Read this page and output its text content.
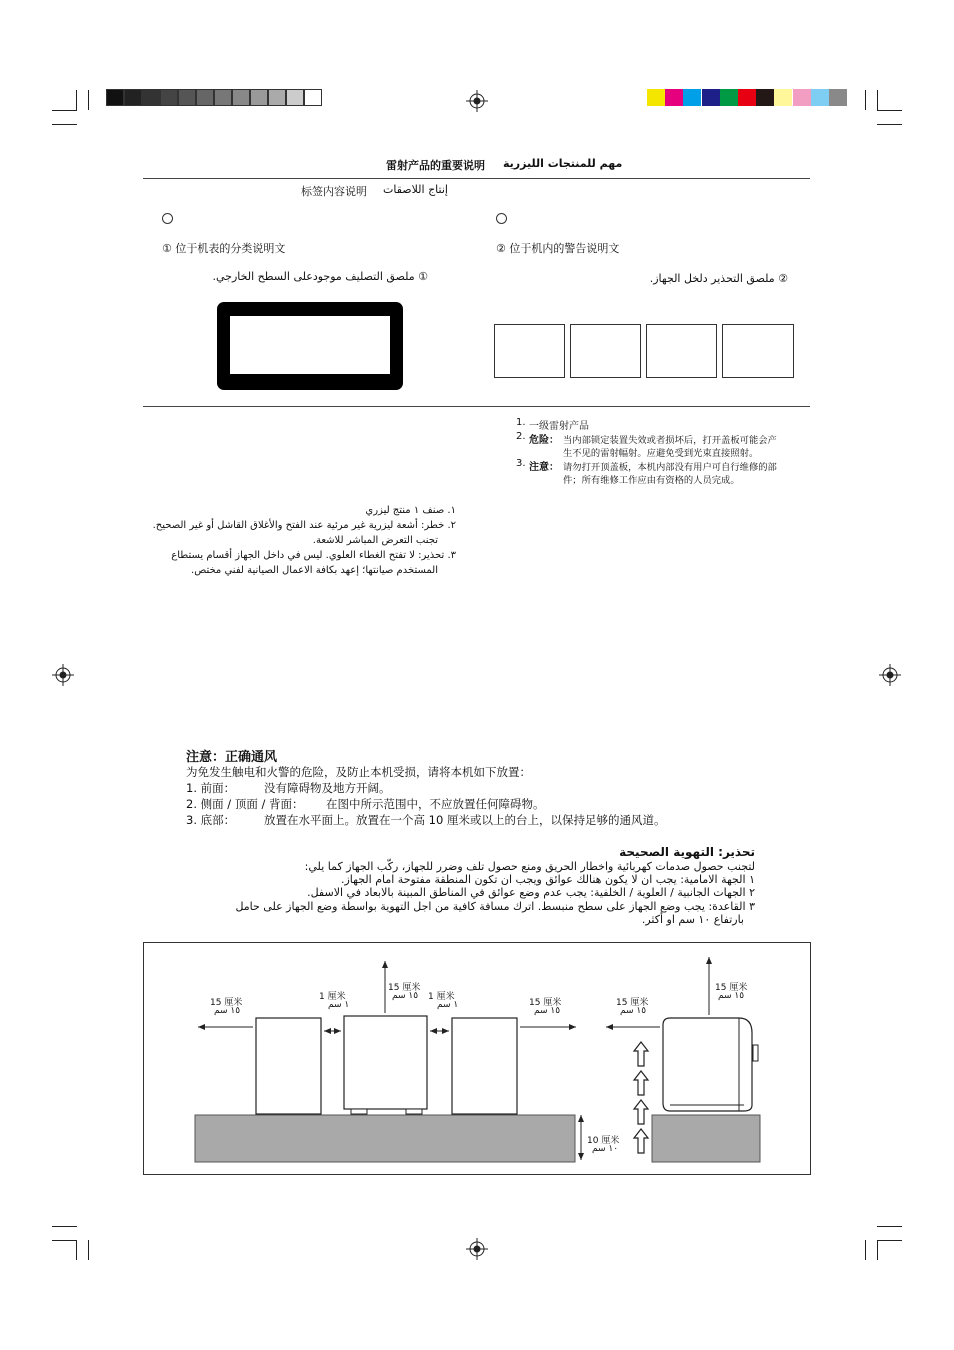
雷射产品的重要说明 مهم للمنتجات الليزرية
标签内容说明 إنتاج اللاصقات
① 位于机表的分类说明文	② 位于机内的警告说明文
① ملصق التصليف موجودعلى السطح الخارجي.	② ملصق التحذير دلخل الجهاز.
1. 一级雷射产品
2. 危险： 当内部锁定装置失效或者损坏后，打开盖板可能会产
生不见的雷射幅射。应避免受到光束直接照射。
3. 注意： 请勿打开顶盖板，本机内部没有用户可自行维修的部
件；所有维修工作应由有资格的人员完成。
١. صنف ١ منتج ليزري
٢. خطر: أشعة ليزرية غير مرئية عند الفتح والأغلاق القاشل أو غير الصحيح.
تجنب التعرض المباشر للاشعة.
٣. تحذير: لا تفتح الغطاء العلوي. ليس في داخل الجهاز أقسام يستطاع
المستخدم صيانتها؛ إعهد بكافة الاعمال الصيانية لفني مختص.
注意：正确通风
为免发生触电和火警的危险，及防止本机受损，请将本机如下放置：
1. 前面：	没有障碍物及地方开阔。
2. 侧面 / 顶面 / 背面： 在图中所示范围中，不应放置任何障碍物。
3. 底部：	放置在水平面上。放置在一个高 10 厘米或以上的台上，以保持足够的通风道。
تحذير: التهوية الصحيحة
لتجنب حصول صدمات كهربائية واخطار الحريق ومنع حصول تلف وضرر للجهاز، ركّب الجهاز كما يلي:
١ الجهة الامامية: يجب ان لا يكون هنالك عوائق ويجب ان تكون المنطقة مفتوحة امام الجهاز.
٢ الجهات الجانبية / العلوية / الخلفية: يجب عدم وضع عوائق في المناطق المبينة بالابعاد في الاسفل.
٣ القاعدة: يجب وضع الجهاز على سطح منبسط. اترك مسافة كافية من اجل التهوية بواسطة وضع الجهاز على حامل
بارتفاع ١٠ سم او أكثر.
15 厘米
١٥ سم
1 厘米
١ سم
15 厘米
١٥ سم 1 厘米
١ سم	15 厘米
١٥ سم
15 厘米
١٥ سم
15 厘米
١٥ سم
10 厘米
١٠ سم
